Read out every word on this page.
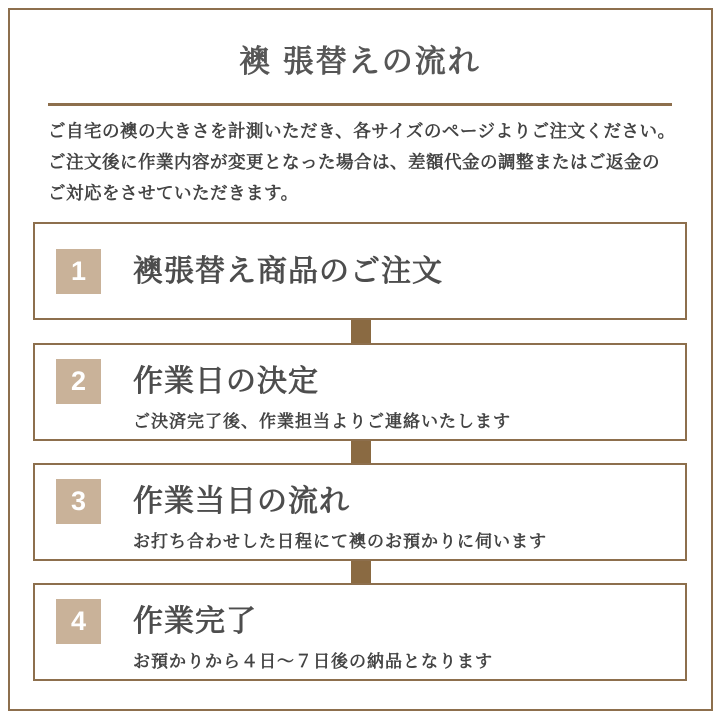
襖 張替えの流れ
ご自宅の襖の大きさを計測いただき、各サイズのページよりご注文ください。
ご注文後に作業内容が変更となった場合は、差額代金の調整またはご返金の
ご対応をさせていただきます。
1	襖張替え商品のご注文
2	作業日の決定
ご決済完了後、作業担当よりご連絡いたします
3	作業当日の流れ
お打ち合わせした日程にて襖のお預かりに伺います
4	作業完了
お預かりから４日〜７日後の納品となります
